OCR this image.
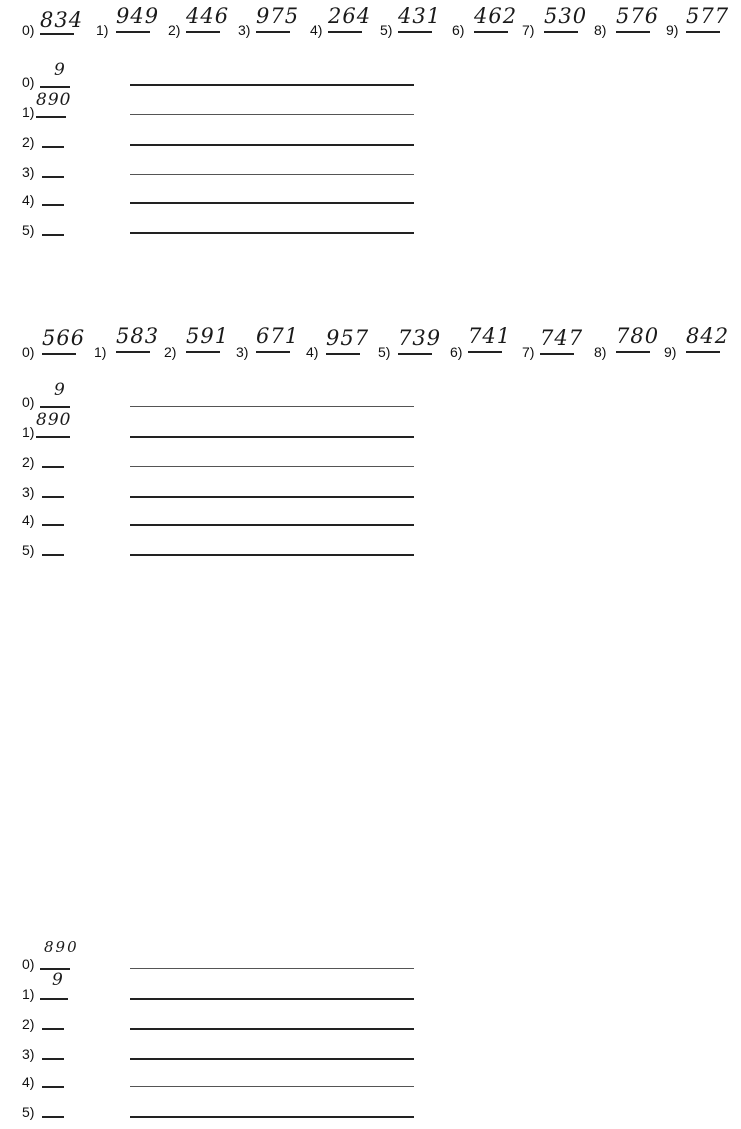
0) 834 1)
949
2)
446
3)
975
4)
264
5)
431
6)
462
7)
530
8)
576
9)
577
0)
9
1)
890
2)
3)
4)
5)
0)
566
1)
583
2)
591
3)
671
4)
957
5)
739
6)
741
7)
747
8)
780
9)
842
0)
9
1)
890
2)
3)
4)
5)
0)
890
1)
9
2)
3)
4)
5)
